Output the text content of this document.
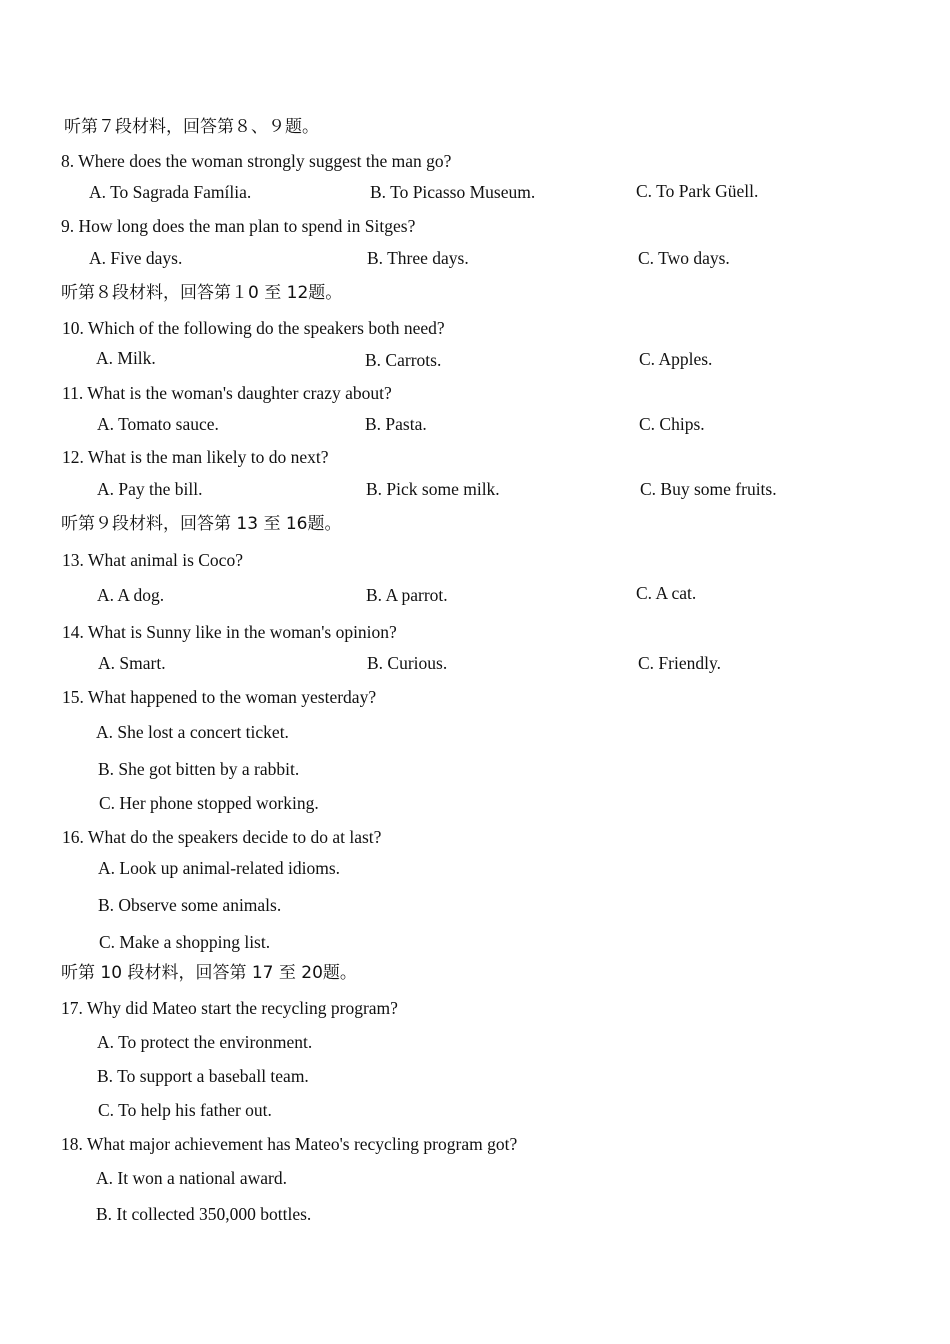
听第７段材料，回答第８、９题。
8. Where does the woman strongly suggest the man go?
A. To Sagrada Família.	B. To Picasso Museum.	C. To Park Güell.
9. How long does the man plan to spend in Sitges?
A. Five days.	B. Three days.	C. Two days.
听第８段材料，回答第１0 至 12题。
10. Which of the following do the speakers both need?
A. Milk.	B. Carrots.	C. Apples.
11. What is the woman's daughter crazy about?
A. Tomato sauce.	B. Pasta.	C. Chips.
12. What is the man likely to do next?
A. Pay the bill.	B. Pick some milk.	C. Buy some fruits.
听第９段材料，回答第 13 至 16题。
13. What animal is Coco?
A. A dog.	B. A parrot.	C. A cat.
14. What is Sunny like in the woman's opinion?
A. Smart.	B. Curious.	C. Friendly.
15. What happened to the woman yesterday?
A. She lost a concert ticket.
B. She got bitten by a rabbit.
C. Her phone stopped working.
16. What do the speakers decide to do at last?
A. Look up animal-related idioms.
B. Observe some animals.
C. Make a shopping list.
听第 10 段材料，回答第 17 至 20题。
17. Why did Mateo start the recycling program?
A. To protect the environment.
B. To support a baseball team.
C. To help his father out.
18. What major achievement has Mateo's recycling program got?
A. It won a national award.
B. It collected 350,000 bottles.
